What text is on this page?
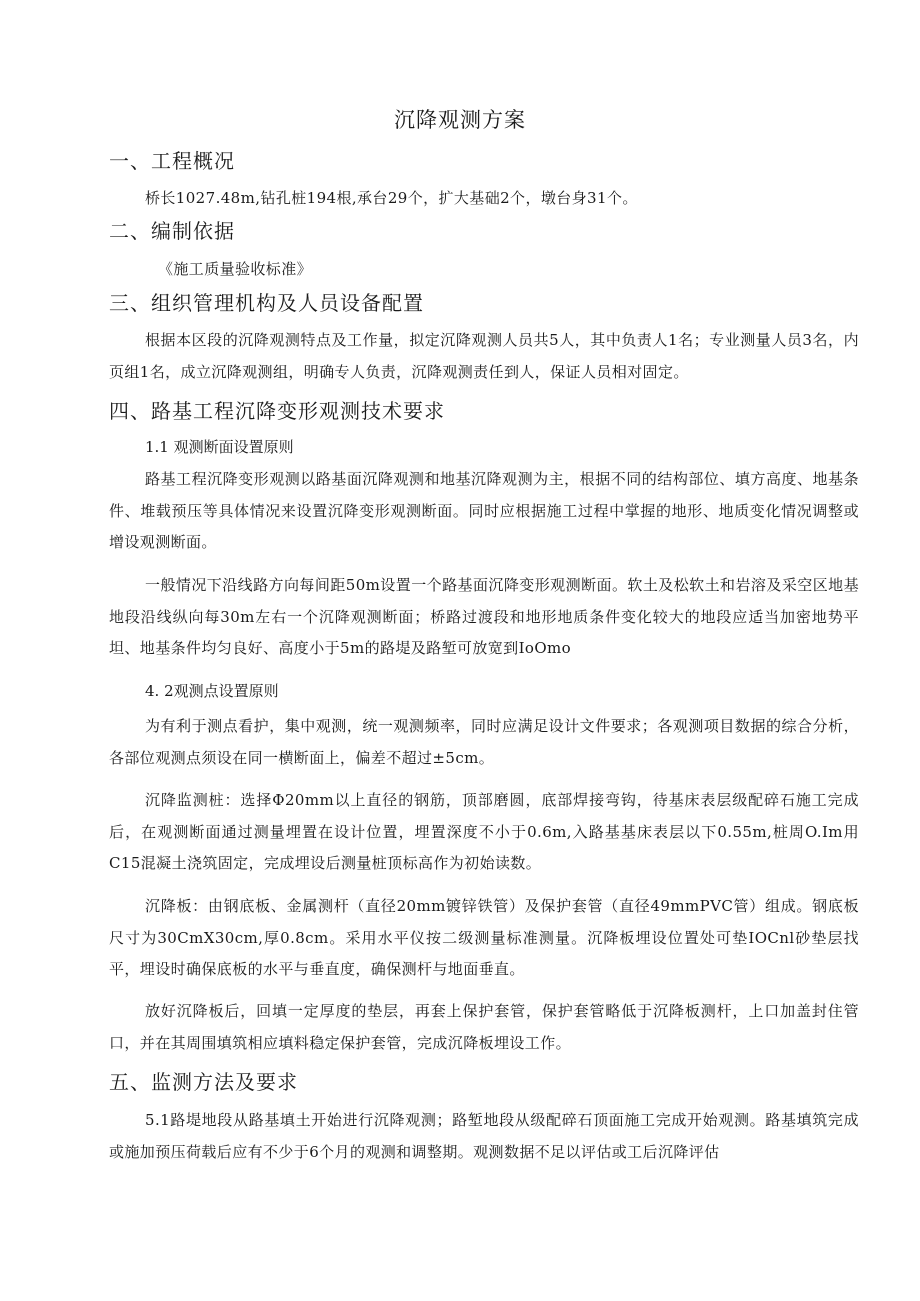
沉降观测方案
一、工程概况
桥长1027.48m,钻孔桩194根,承台29个，扩大基础2个，墩台身31个。
二、编制依据
《施工质量验收标准》
三、组织管理机构及人员设备配置
根据本区段的沉降观测特点及工作量，拟定沉降观测人员共5人，其中负责人1名；专业测量人员3名，内页组1名，成立沉降观测组，明确专人负责，沉降观测责任到人，保证人员相对固定。
四、路基工程沉降变形观测技术要求
1.1 观测断面设置原则
路基工程沉降变形观测以路基面沉降观测和地基沉降观测为主，根据不同的结构部位、填方高度、地基条件、堆载预压等具体情况来设置沉降变形观测断面。同时应根据施工过程中掌握的地形、地质变化情况调整或增设观测断面。
一般情况下沿线路方向每间距50m设置一个路基面沉降变形观测断面。软土及松软土和岩溶及采空区地基地段沿线纵向每30m左右一个沉降观测断面；桥路过渡段和地形地质条件变化较大的地段应适当加密地势平坦、地基条件均匀良好、高度小于5m的路堤及路堑可放宽到IoOmo
4. 2观测点设置原则
为有利于测点看护，集中观测，统一观测频率，同时应满足设计文件要求；各观测项目数据的综合分析，各部位观测点须设在同一横断面上，偏差不超过±5cm。
沉降监测桩：选择Φ20mm以上直径的钢筋，顶部磨圆，底部焊接弯钩，待基床表层级配碎石施工完成后，在观测断面通过测量埋置在设计位置，埋置深度不小于0.6m,入路基基床表层以下0.55m,桩周O.Im用C15混凝土浇筑固定，完成埋设后测量桩顶标高作为初始读数。
沉降板：由钢底板、金属测杆（直径20mm镀锌铁管）及保护套管（直径49mmPVC管）组成。钢底板尺寸为30CmX30cm,厚0.8cm。采用水平仪按二级测量标准测量。沉降板埋设位置处可垫IOCnl砂垫层找平，埋设时确保底板的水平与垂直度，确保测杆与地面垂直。
放好沉降板后，回填一定厚度的垫层，再套上保护套管，保护套管略低于沉降板测杆，上口加盖封住管口，并在其周围填筑相应填料稳定保护套管，完成沉降板埋设工作。
五、监测方法及要求
5.1路堤地段从路基填土开始进行沉降观测；路堑地段从级配碎石顶面施工完成开始观测。路基填筑完成或施加预压荷载后应有不少于6个月的观测和调整期。观测数据不足以评估或工后沉降评估
